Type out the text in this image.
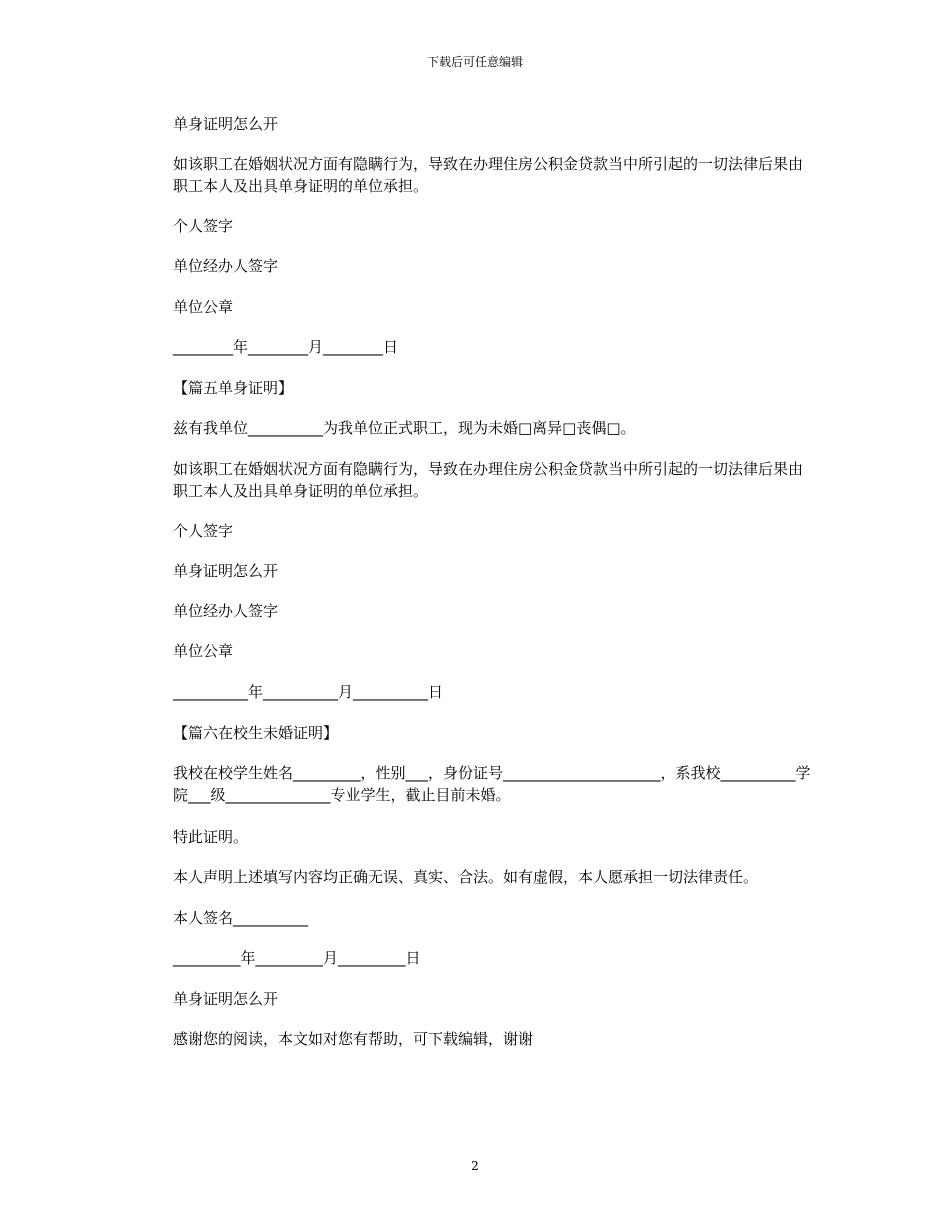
下载后可任意编辑

单身证明怎么开

如该职工在婚姻状况方面有隐瞒行为，导致在办理住房公积金贷款当中所引起的一切法律后果由职工本人及出具单身证明的单位承担。

个人签字

单位经办人签字

单位公章

________年________月________日

【篇五单身证明】

兹有我单位__________为我单位正式职工，现为未婚□离异□丧偶□。

如该职工在婚姻状况方面有隐瞒行为，导致在办理住房公积金贷款当中所引起的一切法律后果由职工本人及出具单身证明的单位承担。

个人签字

单身证明怎么开

单位经办人签字

单位公章

__________年__________月__________日

【篇六在校生未婚证明】

我校在校学生姓名_________，性别___，身份证号_____________________，系我校__________学院___级______________专业学生，截止目前未婚。

特此证明。

本人声明上述填写内容均正确无误、真实、合法。如有虚假，本人愿承担一切法律责任。

本人签名__________

_________年_________月_________日

单身证明怎么开

感谢您的阅读，本文如对您有帮助，可下载编辑，谢谢

2
